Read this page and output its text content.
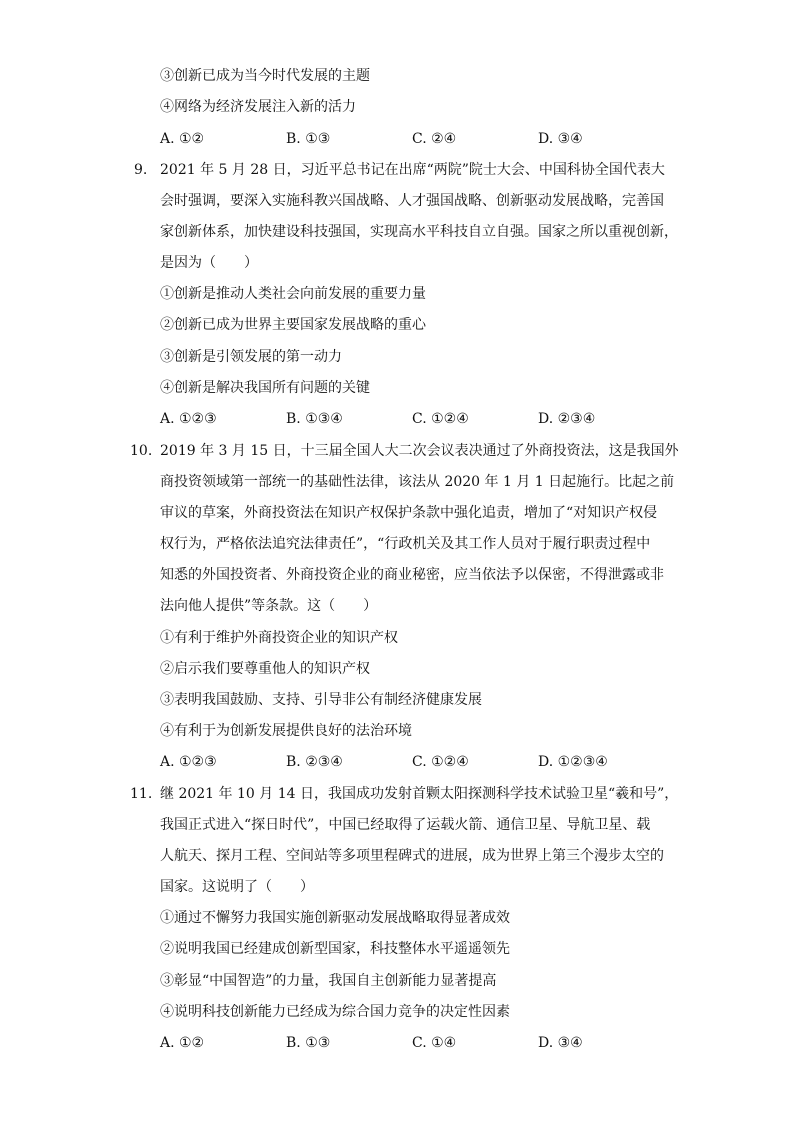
③创新已成为当今时代发展的主题
④网络为经济发展注入新的活力
A. ①②	B. ①③	C. ②④	D. ③④
9. 2021 年 5 月 28 日，习近平总书记在出席“两院”院士大会、中国科协全国代表大
会时强调，要深入实施科教兴国战略、人才强国战略、创新驱动发展战略，完善国
家创新体系，加快建设科技强国，实现高水平科技自立自强。国家之所以重视创新，
是因为（　　）
①创新是推动人类社会向前发展的重要力量
②创新已成为世界主要国家发展战略的重心
③创新是引领发展的第一动力
④创新是解决我国所有问题的关键
A. ①②③	B. ①③④	C. ①②④	D. ②③④
10. 2019 年 3 月 15 日，十三届全国人大二次会议表决通过了外商投资法，这是我国外
商投资领域第一部统一的基础性法律，该法从 2020 年 1 月 1 日起施行。比起之前
审议的草案，外商投资法在知识产权保护条款中强化追责，增加了“对知识产权侵
权行为，严格依法追究法律责任”，“行政机关及其工作人员对于履行职责过程中
知悉的外国投资者、外商投资企业的商业秘密，应当依法予以保密，不得泄露或非
法向他人提供”等条款。这（　　）
①有利于维护外商投资企业的知识产权
②启示我们要尊重他人的知识产权
③表明我国鼓励、支持、引导非公有制经济健康发展
④有利于为创新发展提供良好的法治环境
A. ①②③	B. ②③④	C. ①②④	D. ①②③④
11. 继 2021 年 10 月 14 日，我国成功发射首颗太阳探测科学技术试验卫星“羲和号”，
我国正式进入“探日时代”，中国已经取得了运载火箭、通信卫星、导航卫星、载
人航天、探月工程、空间站等多项里程碑式的进展，成为世界上第三个漫步太空的
国家。这说明了（　　）
①通过不懈努力我国实施创新驱动发展战略取得显著成效
②说明我国已经建成创新型国家，科技整体水平遥遥领先
③彰显“中国智造”的力量，我国自主创新能力显著提高
④说明科技创新能力已经成为综合国力竞争的决定性因素
A. ①②	B. ①③	C. ①④	D. ③④
